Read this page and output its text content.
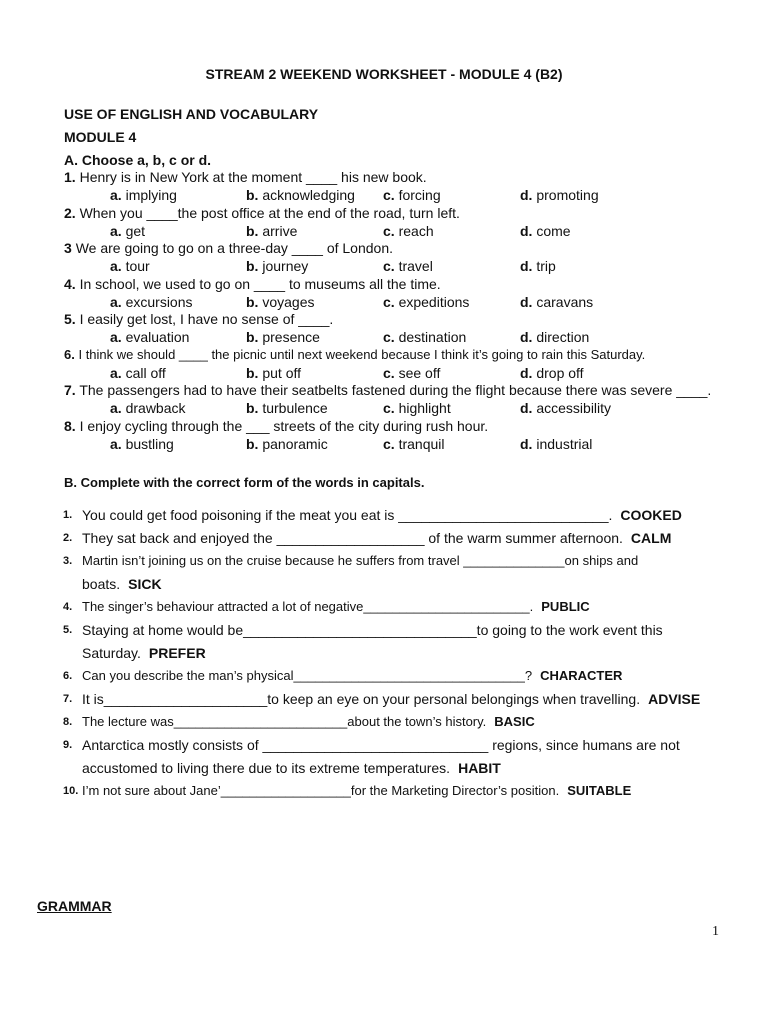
STREAM 2 WEEKEND WORKSHEET - MODULE 4 (B2)
USE OF ENGLISH AND VOCABULARY
MODULE 4
A. Choose a, b, c or d.
1. Henry is in New York at the moment ____ his new book.
a. implying	b. acknowledging c. forcing	d. promoting
2. When you ____the post office at the end of the road, turn left.
a. get	b. arrive	c. reach	d. come
3 We are going to go on a three-day ____ of London.
a. tour	b. journey	c. travel	d. trip
4. In school, we used to go on ____ to museums all the time.
a. excursions	b. voyages	c. expeditions	d. caravans
5. I easily get lost, I have no sense of ____.
a. evaluation	b. presence	c. destination	d. direction
6. I think we should ____ the picnic until next weekend because I think it’s going to rain this Saturday.
a. call off	b. put off	c. see off	d. drop off
7. The passengers had to have their seatbelts fastened during the flight because there was severe ____.
a. drawback	b. turbulence	c. highlight	d. accessibility
8. I enjoy cycling through the ___ streets of the city during rush hour.
a. bustling	b. panoramic	c. tranquil	d. industrial
B. Complete with the correct form of the words in capitals.
1. You could get food poisoning if the meat you eat is ___________________________. COOKED
2. They sat back and enjoyed the ___________________ of the warm summer afternoon. CALM
3. Martin isn’t joining us on the cruise because he suffers from travel ______________on ships and
boats. SICK
4. The singer’s behaviour attracted a lot of negative_______________________. PUBLIC
5. Staying at home would be______________________________to going to the work event this
Saturday. PREFER
6. Can you describe the man’s physical________________________________? CHARACTER
7. It is_____________________to keep an eye on your personal belongings when travelling. ADVISE
8. The lecture was________________________about the town’s history. BASIC
9. Antarctica mostly consists of _____________________________ regions, since humans are not
accustomed to living there due to its extreme temperatures. HABIT
10. I’m not sure about Jane’__________________for the Marketing Director’s position. SUITABLE
GRAMMAR
1
